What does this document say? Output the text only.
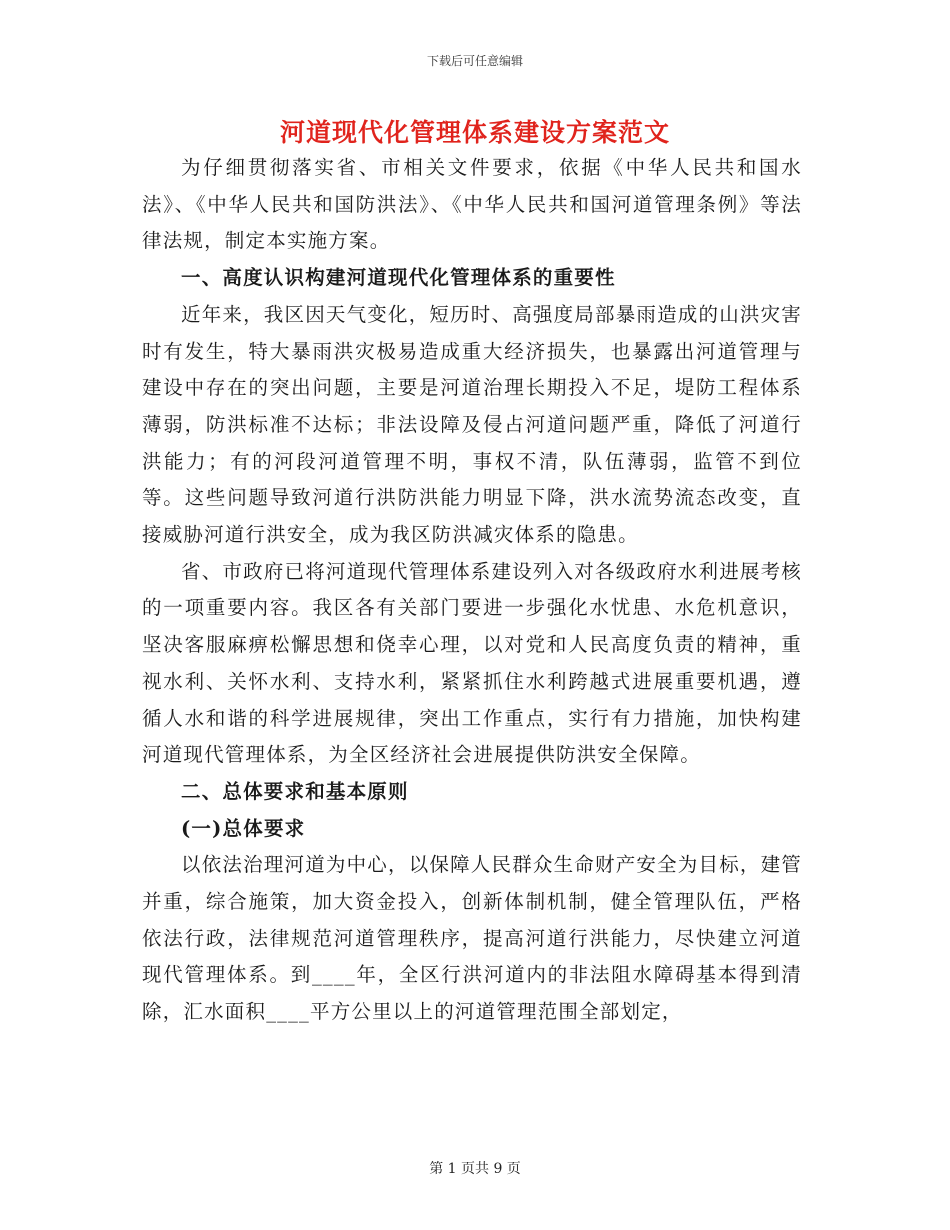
下载后可任意编辑
河道现代化管理体系建设方案范文

为仔细贯彻落实省、市相关文件要求，依据《中华人民共和国水法》、《中华人民共和国防洪法》、《中华人民共和国河道管理条例》等法律法规，制定本实施方案。

一、高度认识构建河道现代化管理体系的重要性

近年来，我区因天气变化，短历时、高强度局部暴雨造成的山洪灾害时有发生，特大暴雨洪灾极易造成重大经济损失，也暴露出河道管理与建设中存在的突出问题，主要是河道治理长期投入不足，堤防工程体系薄弱，防洪标准不达标；非法设障及侵占河道问题严重，降低了河道行洪能力；有的河段河道管理不明，事权不清，队伍薄弱，监管不到位等。这些问题导致河道行洪防洪能力明显下降，洪水流势流态改变，直接威胁河道行洪安全，成为我区防洪减灾体系的隐患。

省、市政府已将河道现代管理体系建设列入对各级政府水利进展考核的一项重要内容。我区各有关部门要进一步强化水忧患、水危机意识，坚决客服麻痹松懈思想和侥幸心理，以对党和人民高度负责的精神，重视水利、关怀水利、支持水利，紧紧抓住水利跨越式进展重要机遇，遵循人水和谐的科学进展规律，突出工作重点，实行有力措施，加快构建河道现代管理体系，为全区经济社会进展提供防洪安全保障。

二、总体要求和基本原则

(一)总体要求

以依法治理河道为中心，以保障人民群众生命财产安全为目标，建管并重，综合施策，加大资金投入，创新体制机制，健全管理队伍，严格依法行政，法律规范河道管理秩序，提高河道行洪能力，尽快建立河道现代管理体系。到____年，全区行洪河道内的非法阻水障碍基本得到清除，汇水面积____平方公里以上的河道管理范围全部划定，

第 1 页共 9 页
